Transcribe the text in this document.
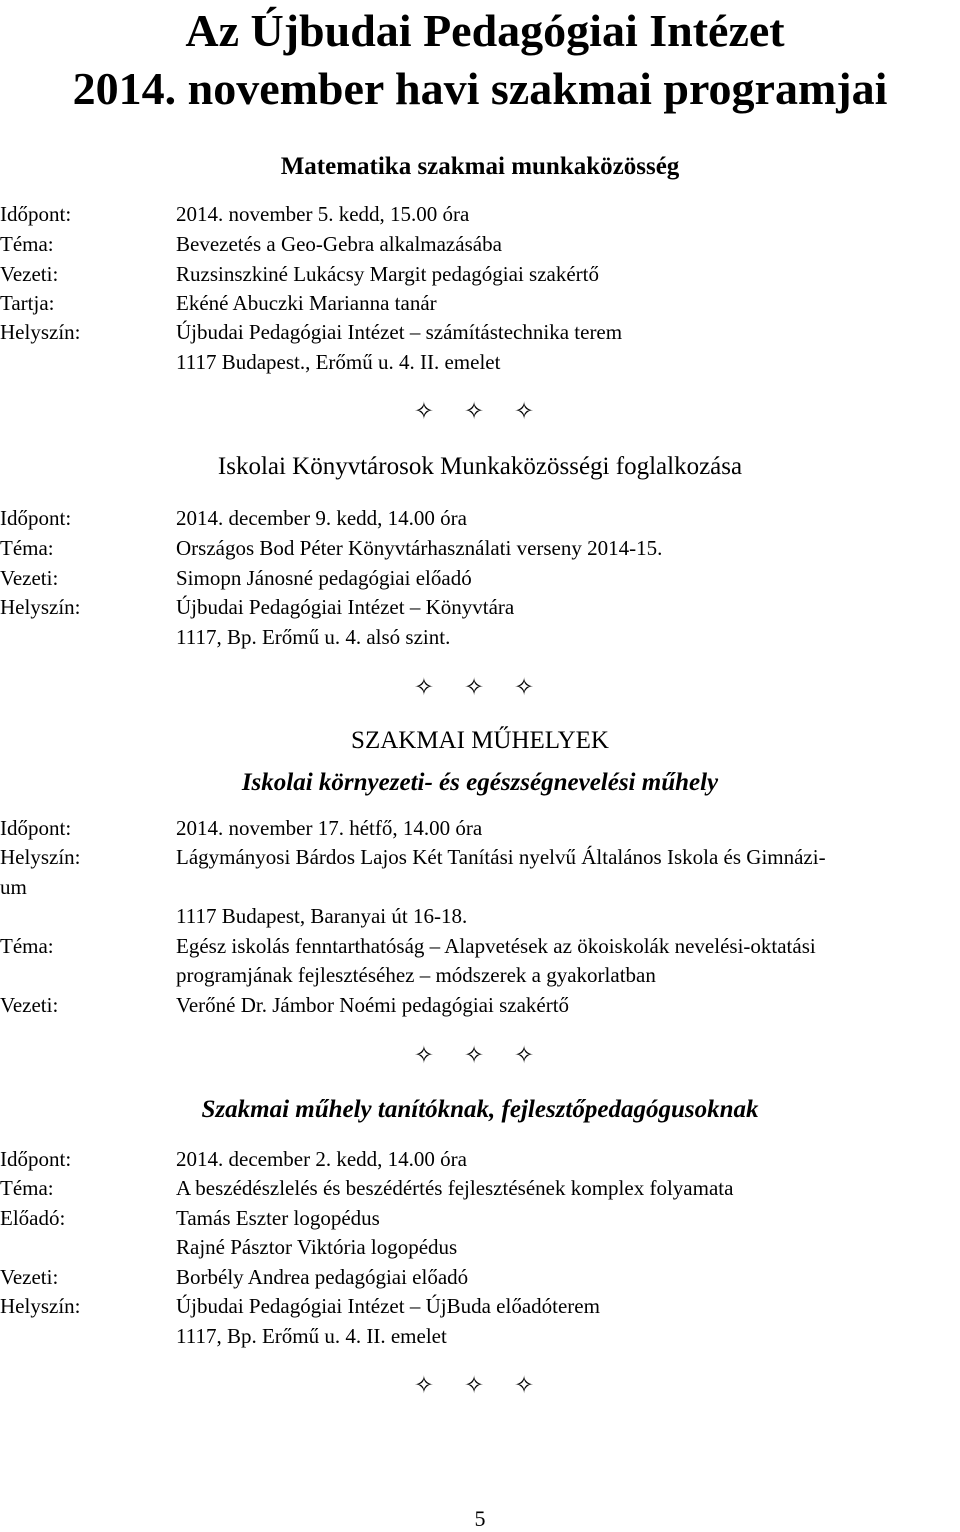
Az Újbudai Pedagógiai Intézet
2014. november havi szakmai programjai
Matematika szakmai munkaközösség
Időpont:
Téma:
Vezeti:
Tartja:
Helyszín:
2014. november 5. kedd, 15.00 óra
Bevezetés a Geo-Gebra alkalmazásába
Ruzsinszkiné Lukácsy Margit pedagógiai szakértő
Ekéné Abuczki Marianna tanár
Újbudai Pedagógiai Intézet – számítástechnika terem
1117 Budapest., Erőmű u. 4. II. emelet
✧ ✧ ✧
Iskolai Könyvtárosok Munkaközösségi foglalkozása
Időpont:
Téma:
Vezeti:
Helyszín:
2014. december 9. kedd, 14.00 óra
Országos Bod Péter Könyvtárhasználati verseny 2014-15.
Simopn Jánosné pedagógiai előadó
Újbudai Pedagógiai Intézet – Könyvtára
1117, Bp. Erőmű u. 4. alsó szint.
✧ ✧ ✧
SZAKMAI MŰHELYEK
Iskolai környezeti- és egészségnevelési műhely
Időpont:
Helyszín:
um
Téma:
Vezeti:
2014. november 17. hétfő, 14.00 óra
Lágymányosi Bárdos Lajos Két Tanítási nyelvű Általános Iskola és Gimnázi-
1117 Budapest, Baranyai út 16-18.
Egész iskolás fenntarthatóság – Alapvetések az ökoiskolák nevelési-oktatási
programjának fejlesztéséhez – módszerek a gyakorlatban
Verőné Dr. Jámbor Noémi pedagógiai szakértő
✧ ✧ ✧
Szakmai műhely tanítóknak, fejlesztőpedagógusoknak
Időpont:
Téma:
Előadó:
Vezeti:
Helyszín:
2014. december 2. kedd, 14.00 óra
A beszédészlelés és beszédértés fejlesztésének komplex folyamata
Tamás Eszter logopédus
Rajné Pásztor Viktória logopédus
Borbély Andrea pedagógiai előadó
Újbudai Pedagógiai Intézet – ÚjBuda előadóterem
1117, Bp. Erőmű u. 4. II. emelet
✧ ✧ ✧
5
